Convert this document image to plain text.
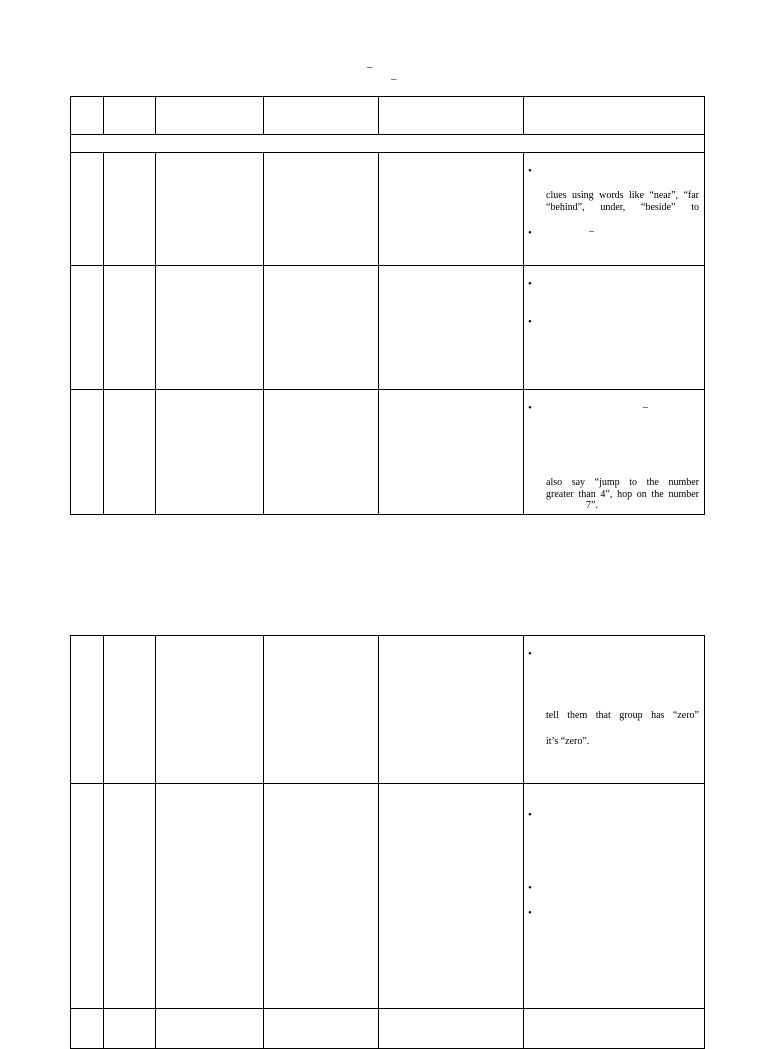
–
–

					•
clues using words like “near”, “far
“behind”, under, “beside” to
• –

					•
•

					• –
also say “jump to the number
greater than 4”, hop on the number
7”.

					•
tell them that group has “zero”
it’s “zero”.

					•
•
•
